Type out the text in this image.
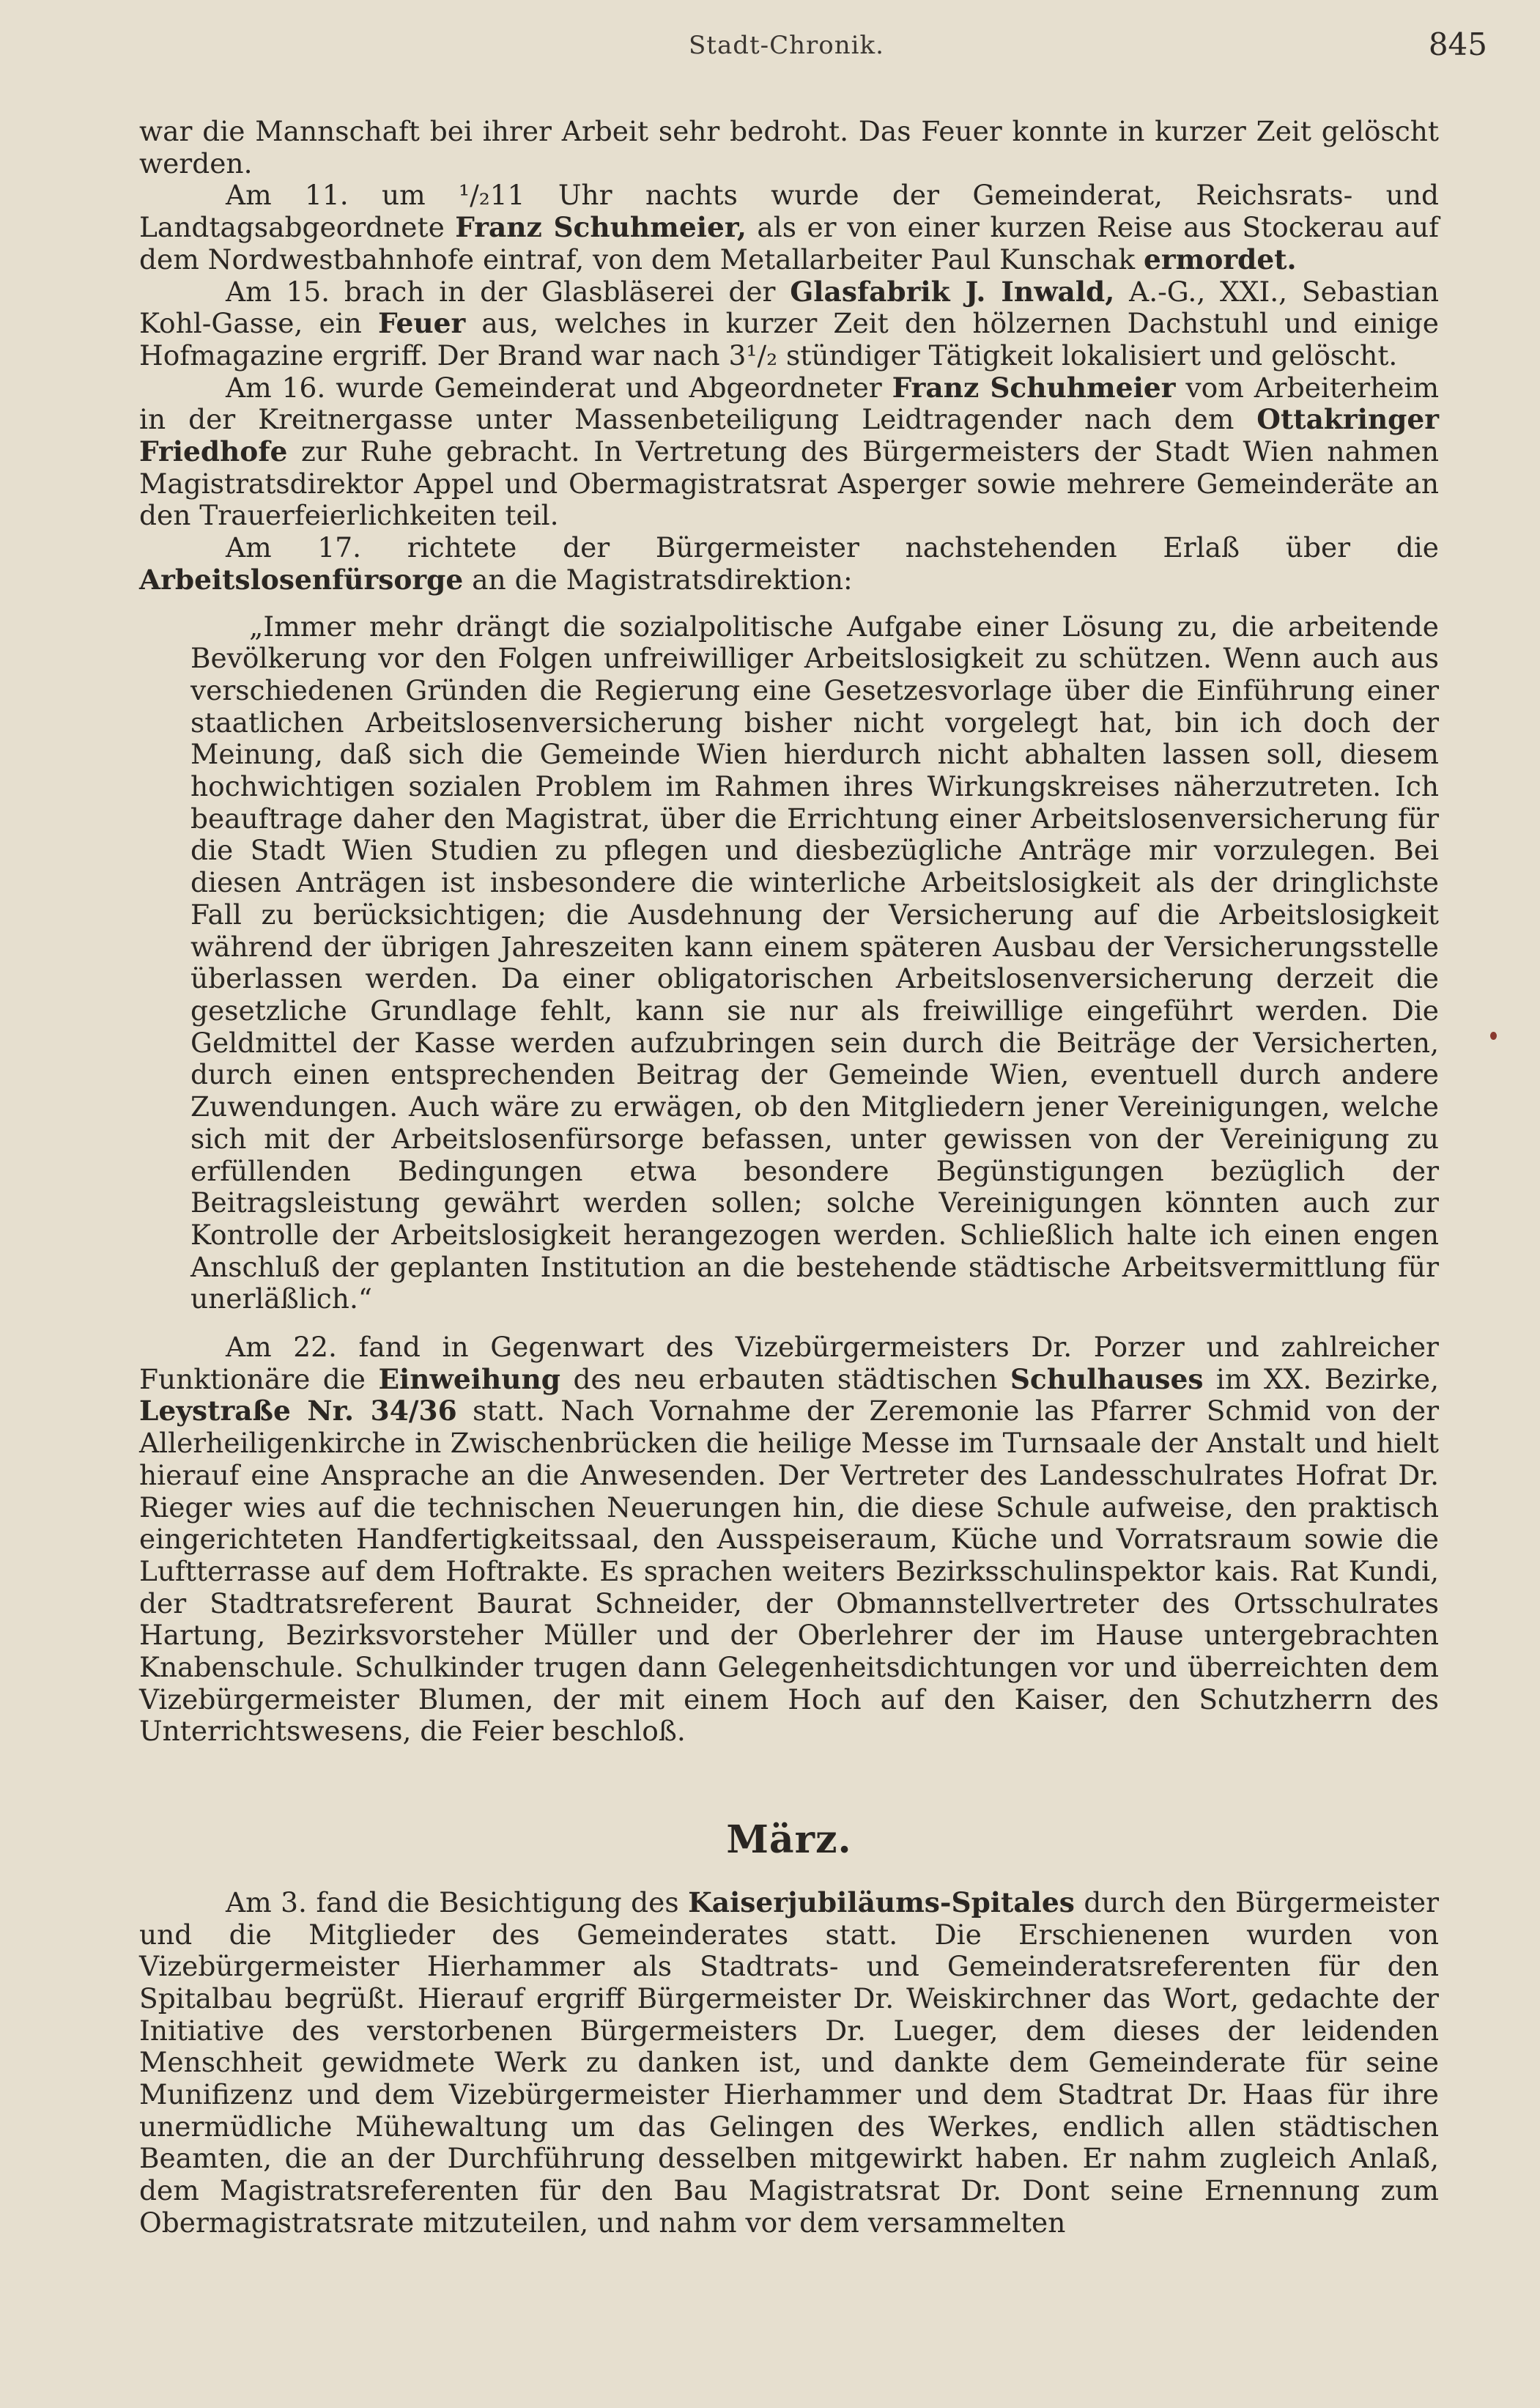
Stadt-Chronik.	845

war die Mannschaft bei ihrer Arbeit sehr bedroht. Das Feuer konnte in kurzer Zeit gelöscht werden.

Am 11. um ¹/₂11 Uhr nachts wurde der Gemeinderat, Reichsrats- und Landtagsabgeordnete Franz Schuhmeier, als er von einer kurzen Reise aus Stockerau auf dem Nordwestbahnhofe eintraf, von dem Metallarbeiter Paul Kunschak ermordet.

Am 15. brach in der Glasbläserei der Glasfabrik J. Inwald, A.-G., XXI., Sebastian Kohl-Gasse, ein Feuer aus, welches in kurzer Zeit den hölzernen Dachstuhl und einige Hofmagazine ergriff. Der Brand war nach 3¹/₂ stündiger Tätigkeit lokalisiert und gelöscht.

Am 16. wurde Gemeinderat und Abgeordneter Franz Schuhmeier vom Arbeiterheim in der Kreitnergasse unter Massenbeteiligung Leidtragender nach dem Ottakringer Friedhofe zur Ruhe gebracht. In Vertretung des Bürgermeisters der Stadt Wien nahmen Magistratsdirektor Appel und Obermagistratsrat Asperger sowie mehrere Gemeinderäte an den Trauerfeierlichkeiten teil.

Am 17. richtete der Bürgermeister nachstehenden Erlaß über die Arbeitslosenfürsorge an die Magistratsdirektion:

„Immer mehr drängt die sozialpolitische Aufgabe einer Lösung zu, die arbeitende Bevölkerung vor den Folgen unfreiwilliger Arbeitslosigkeit zu schützen. Wenn auch aus verschiedenen Gründen die Regierung eine Gesetzesvorlage über die Einführung einer staatlichen Arbeitslosenversicherung bisher nicht vorgelegt hat, bin ich doch der Meinung, daß sich die Gemeinde Wien hierdurch nicht abhalten lassen soll, diesem hochwichtigen sozialen Problem im Rahmen ihres Wirkungskreises näherzutreten. Ich beauftrage daher den Magistrat, über die Errichtung einer Arbeitslosenversicherung für die Stadt Wien Studien zu pflegen und diesbezügliche Anträge mir vorzulegen. Bei diesen Anträgen ist insbesondere die winterliche Arbeitslosigkeit als der dringlichste Fall zu berücksichtigen; die Ausdehnung der Versicherung auf die Arbeitslosigkeit während der übrigen Jahreszeiten kann einem späteren Ausbau der Versicherungsstelle überlassen werden. Da einer obligatorischen Arbeitslosenversicherung derzeit die gesetzliche Grundlage fehlt, kann sie nur als freiwillige eingeführt werden. Die Geldmittel der Kasse werden aufzubringen sein durch die Beiträge der Versicherten, durch einen entsprechenden Beitrag der Gemeinde Wien, eventuell durch andere Zuwendungen. Auch wäre zu erwägen, ob den Mitgliedern jener Vereinigungen, welche sich mit der Arbeitslosenfürsorge befassen, unter gewissen von der Vereinigung zu erfüllenden Bedingungen etwa besondere Begünstigungen bezüglich der Beitragsleistung gewährt werden sollen; solche Vereinigungen könnten auch zur Kontrolle der Arbeitslosigkeit herangezogen werden. Schließlich halte ich einen engen Anschluß der geplanten Institution an die bestehende städtische Arbeitsvermittlung für unerläßlich.“

Am 22. fand in Gegenwart des Vizebürgermeisters Dr. Porzer und zahlreicher Funktionäre die Einweihung des neu erbauten städtischen Schulhauses im XX. Bezirke, Leystraße Nr. 34/36 statt. Nach Vornahme der Zeremonie las Pfarrer Schmid von der Allerheiligenkirche in Zwischenbrücken die heilige Messe im Turnsaale der Anstalt und hielt hierauf eine Ansprache an die Anwesenden. Der Vertreter des Landesschulrates Hofrat Dr. Rieger wies auf die technischen Neuerungen hin, die diese Schule aufweise, den praktisch eingerichteten Handfertigkeitssaal, den Ausspeiseraum, Küche und Vorratsraum sowie die Luftterrasse auf dem Hoftrakte. Es sprachen weiters Bezirksschulinspektor kais. Rat Kundi, der Stadtratsreferent Baurat Schneider, der Obmannstellvertreter des Ortsschulrates Hartung, Bezirksvorsteher Müller und der Oberlehrer der im Hause untergebrachten Knabenschule. Schulkinder trugen dann Gelegenheitsdichtungen vor und überreichten dem Vizebürgermeister Blumen, der mit einem Hoch auf den Kaiser, den Schutzherrn des Unterrichtswesens, die Feier beschloß.

März.

Am 3. fand die Besichtigung des Kaiserjubiläums-Spitales durch den Bürgermeister und die Mitglieder des Gemeinderates statt. Die Erschienenen wurden von Vizebürgermeister Hierhammer als Stadtrats- und Gemeinderatsreferenten für den Spitalbau begrüßt. Hierauf ergriff Bürgermeister Dr. Weiskirchner das Wort, gedachte der Initiative des verstorbenen Bürgermeisters Dr. Lueger, dem dieses der leidenden Menschheit gewidmete Werk zu danken ist, und dankte dem Gemeinderate für seine Munifizenz und dem Vizebürgermeister Hierhammer und dem Stadtrat Dr. Haas für ihre unermüdliche Mühewaltung um das Gelingen des Werkes, endlich allen städtischen Beamten, die an der Durchführung desselben mitgewirkt haben. Er nahm zugleich Anlaß, dem Magistratsreferenten für den Bau Magistratsrat Dr. Dont seine Ernennung zum Obermagistratsrate mitzuteilen, und nahm vor dem versammelten
